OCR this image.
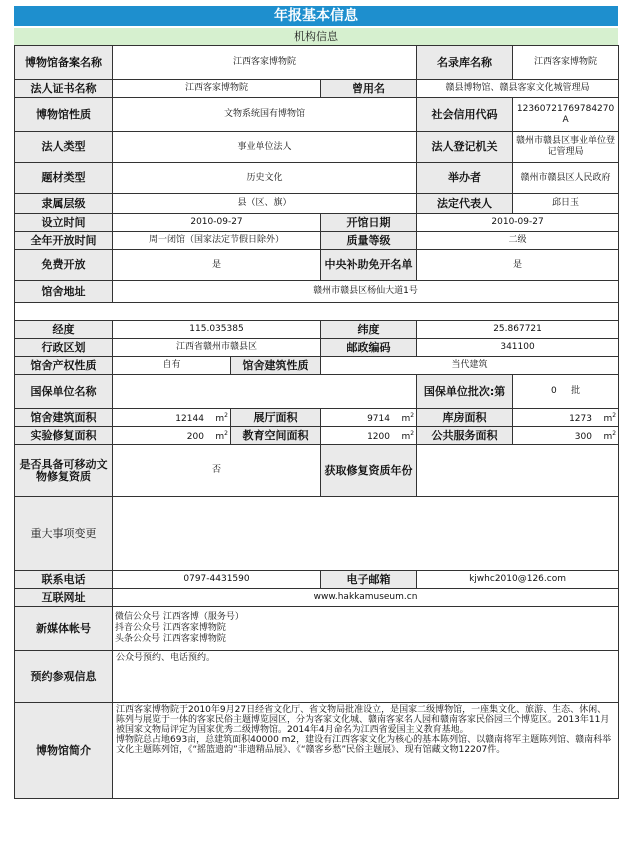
年报基本信息
机构信息
博物馆备案名称	江西客家博物院			名录库名称	江西客家博物院
法人证书名称	江西客家博物院		曾用名	赣县博物馆、赣县客家文化城管理局	
博物馆性质	文物系统国有博物馆			社会信用代码	12360721769784270A
法人类型	事业单位法人			法人登记机关	赣州市赣县区事业单位登记管理局
题材类型	历史文化			举办者	赣州市赣县区人民政府
隶属层级	县（区、旗）			法定代表人	邱日玉
设立时间	2010-09-27		开馆日期	2010-09-27	
全年开放时间	周一闭馆（国家法定节假日除外）		质量等级	二级	
免费开放	是		中央补助免开名单	是	
馆舍地址	赣州市赣县区杨仙大道1号				

经度	115.035385		纬度	25.867721	
行政区划	江西省赣州市赣县区		邮政编码	341100	
馆舍产权性质	自有	馆舍建筑性质	当代建筑		
国保单位名称				国保单位批次:第	0 批
馆舍建筑面积	12144 $m^2$	展厅面积	9714 $m^2$	库房面积	1273 $m^2$
实验修复面积	200 $m^2$	教育空间面积	1200 $m^2$	公共服务面积	300 $m^2$
是否具备可移动文物修复资质	否		获取修复资质年份		
重大事项变更					
联系电话	0797-4431590		电子邮箱	kjwhc2010@126.com	
互联网址	www.hakkamuseum.cn				
新媒体帐号	微信公众号 江西客博（服务号）
抖音公众号 江西客家博物院
头条公众号 江西客家博物院				

预约参观信息	公众号预约、电话预约。				
博物馆简介	江西客家博物院于2010年9月27日经省文化厅、省文物局批准设立，是国家二级博物馆，一座集文化、旅游、生态、休闲、陈列与展览于一体的客家民俗主题博览园区，分为客家文化城、赣南客家名人园和赣南客家民俗园三个博览区。2013年11月被国家文物局评定为国家优秀二级博物馆。2014年4月命名为江西省爱国主义教育基地。
博物院总占地693亩，总建筑面积40000 m2，建设有江西客家文化为核心的基本陈列馆、以赣南将军主题陈列馆、赣南科举文化主题陈列馆，《“摇篮遗韵”非遗精品展》、《“赣客乡愁”民俗主题展》、现有馆藏文物12207件。				
